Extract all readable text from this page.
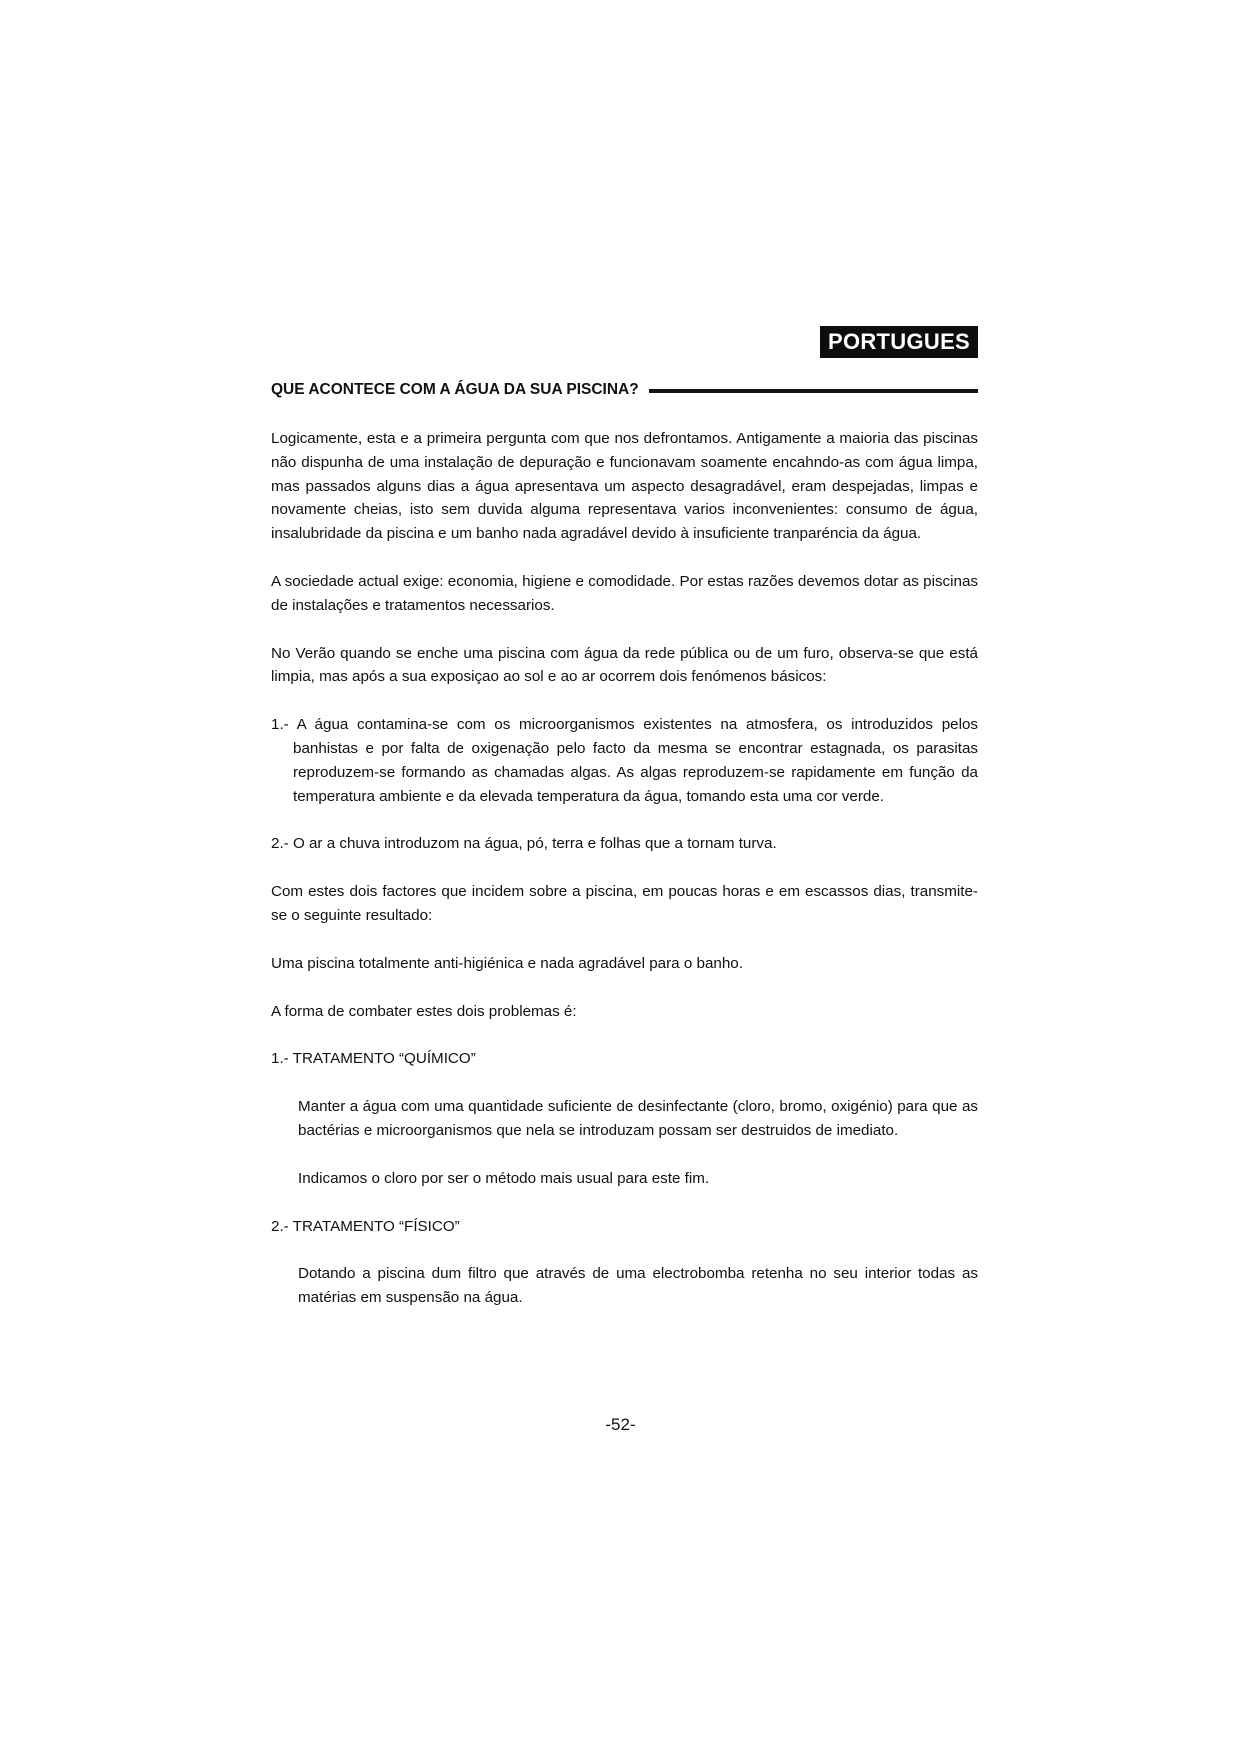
PORTUGUES
QUE ACONTECE COM A ÁGUA DA SUA PISCINA?

Logicamente, esta e a primeira pergunta com que nos defrontamos. Antigamente a maioria das piscinas não dispunha de uma instalação de depuração e funcionavam soamente encahndo-as com água limpa, mas passados alguns dias a água apresentava um aspecto desagradável, eram despejadas, limpas e novamente cheias, isto sem duvida alguma representava varios inconvenientes: consumo de água, insalubridade da piscina e um banho nada agradável devido à insuficiente tranparéncia da água.

A sociedade actual exige: economia, higiene e comodidade. Por estas razões devemos dotar as piscinas de instalações e tratamentos necessarios.

No Verão quando se enche uma piscina com água da rede pública ou de um furo, observa-se que está limpia, mas após a sua exposiçao ao sol e ao ar ocorrem dois fenómenos básicos:

1.- A água contamina-se com os microorganismos existentes na atmosfera, os introduzidos pelos banhistas e por falta de oxigenação pelo facto da mesma se encontrar estagnada, os parasitas reproduzem-se formando as chamadas algas. As algas reproduzem-se rapidamente em função da temperatura ambiente e da elevada temperatura da água, tomando esta uma cor verde.

2.- O ar a chuva introduzom na água, pó, terra e folhas que a tornam turva.

Com estes dois factores que incidem sobre a piscina, em poucas horas e em escassos dias, transmite-se o seguinte resultado:

Uma piscina totalmente anti-higiénica e nada agradável para o banho.

A forma de combater estes dois problemas é:

1.- TRATAMENTO “QUÍMICO”

Manter a água com uma quantidade suficiente de desinfectante (cloro, bromo, oxigénio) para que as bactérias e microorganismos que nela se introduzam possam ser destruidos de imediato.

Indicamos o cloro por ser o método mais usual para este fim.

2.- TRATAMENTO “FÍSICO”

Dotando a piscina dum filtro que através de uma electrobomba retenha no seu interior todas as matérias em suspensão na água.

-52-
